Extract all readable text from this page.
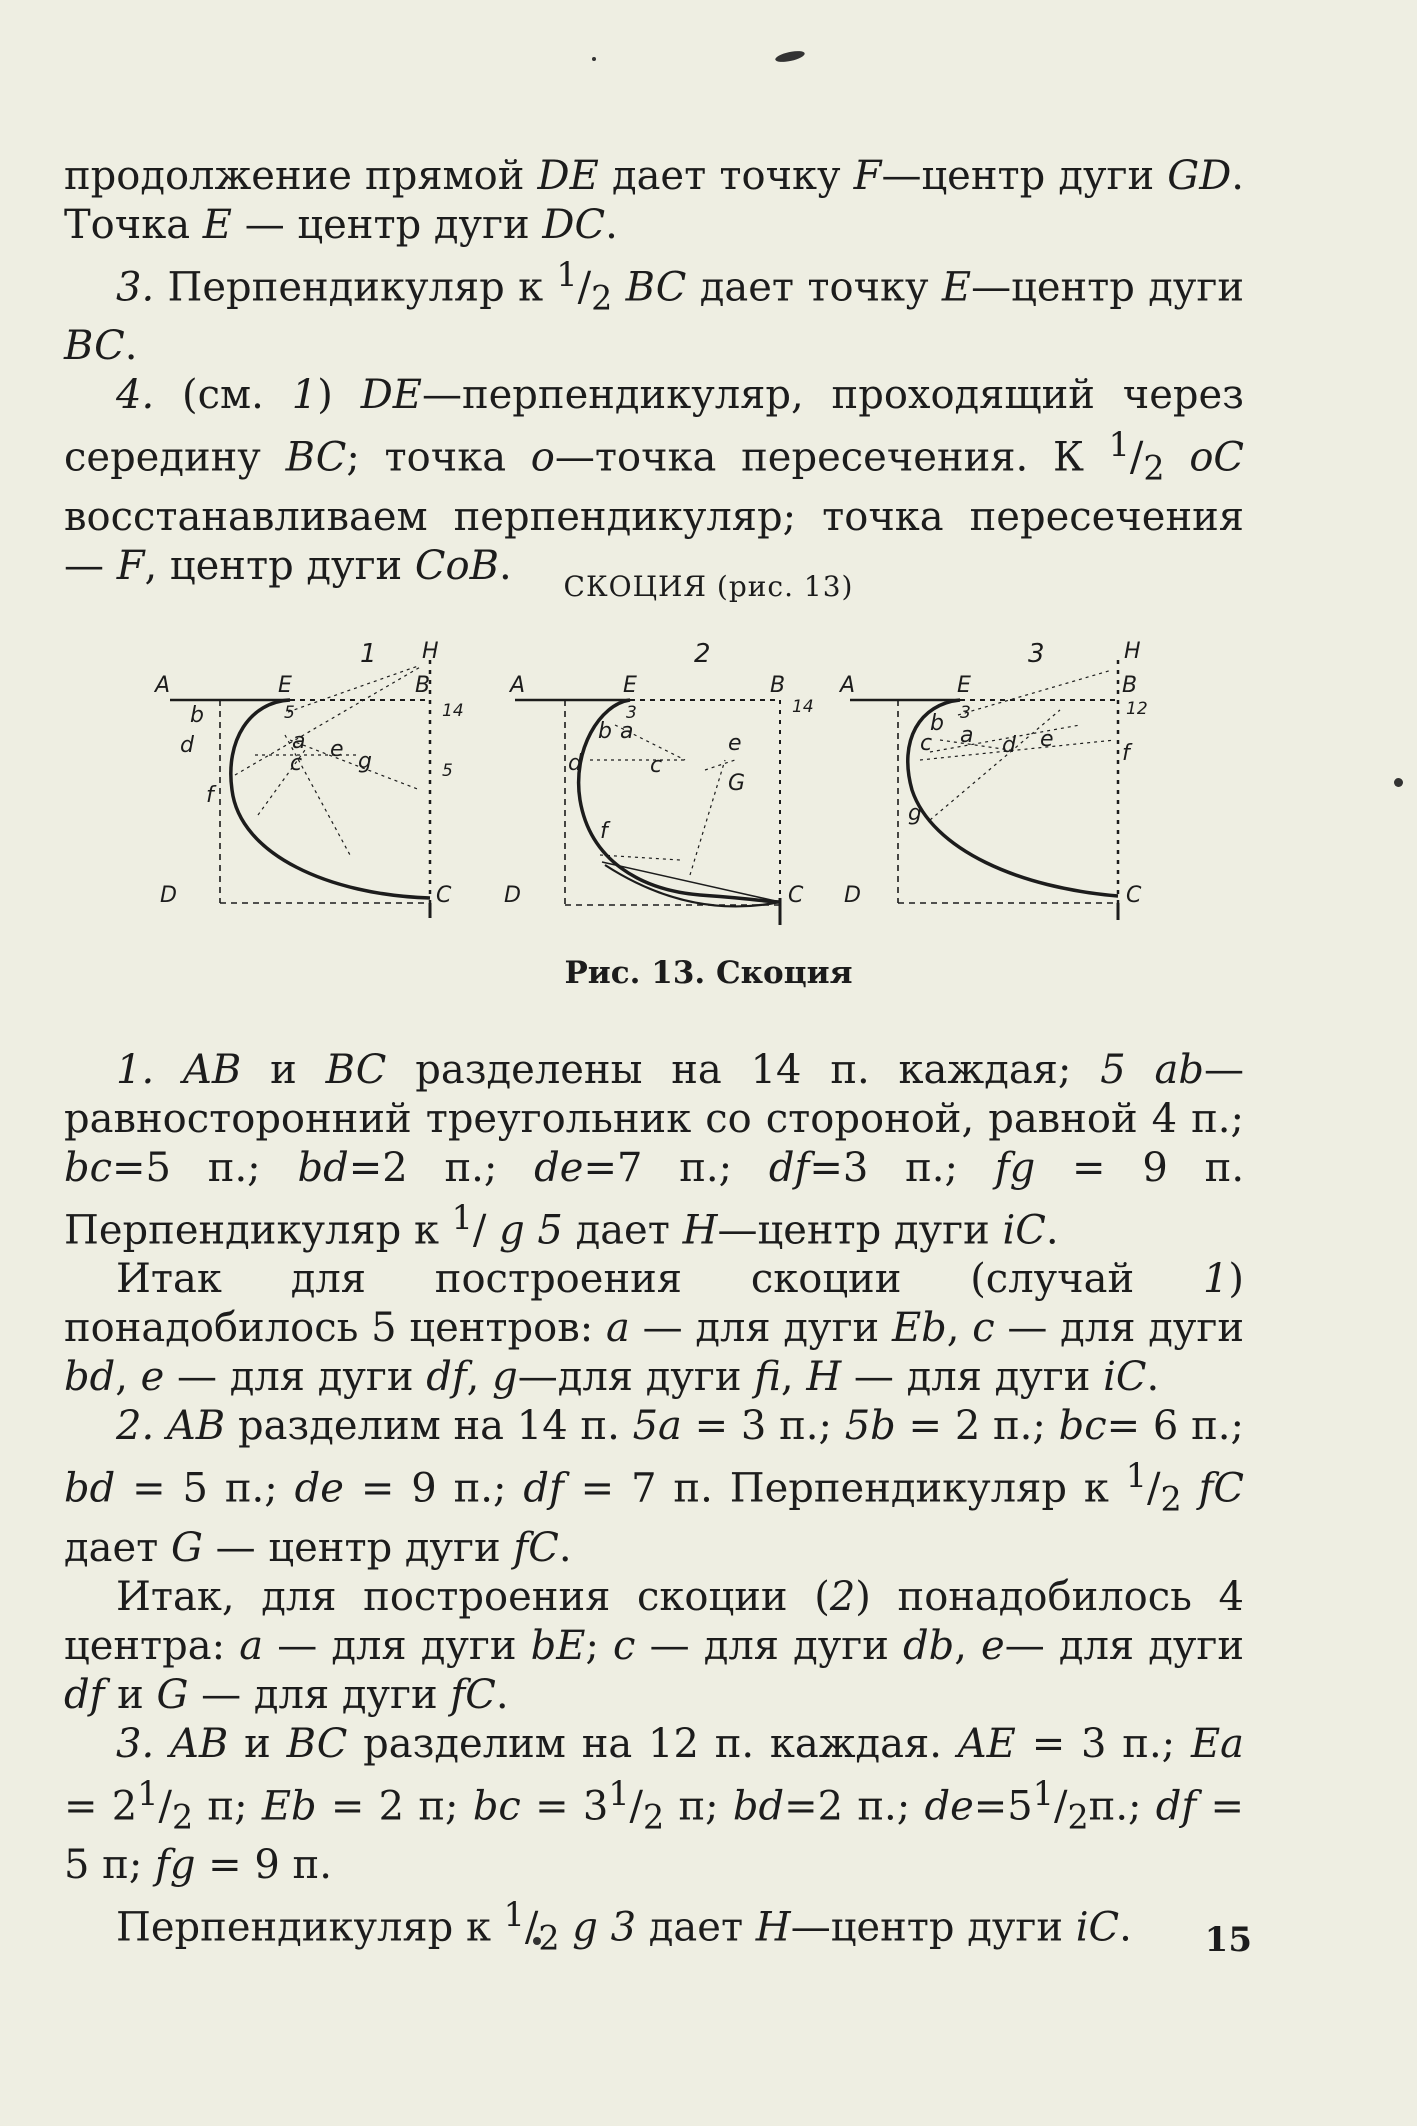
продолжение прямой DE дает точку F—центр дуги GD. Точка E — центр дуги DC.

3. Перпендикуляр к $^1/_2$ BC дает точку E—центр дуги BC.

4. (см. 1) DE—перпендикуляр, проходящий через середину BC; точка o—точка пересечения. К $^1/_2$ oC восстанавливаем перпендикуляр; точка пересечения — F, центр дуги CoB.	СКОЦИЯ (рис. 13)
1
A	E	B
14
D	C
5
b
d	a
c
e g
f
5
H	2
A	E	B
14
D	C
3
b a
d	c
e
G
f
3
A	E	B
H
12
D	C
3
b a
c	d e
g
f
Рис. 13. Скоция

1. AB и BC разделены на 14 п. каждая; 5 ab— равносторонний треугольник со стороной, равной 4 п.; bc=5 п.; bd=2 п.; de=7 п.; df=3 п.; fg = 9 п. Перпендикуляр к $^1$/ g 5 дает H—центр дуги iC.

Итак для построения скоции (случай 1) понадобилось 5 центров: a — для дуги Eb, c — для дуги bd, e — для дуги df, g—для дуги fi, H — для дуги iC.

2. AB разделим на 14 п. 5a = 3 п.; 5b = 2 п.; bc= 6 п.; bd = 5 п.; de = 9 п.; df = 7 п. Перпендикуляр к $^1/_2$ fC дает G — центр дуги fC.

Итак, для построения скоции (2) понадобилось 4 центра: a — для дуги bE; c — для дуги db, e— для дуги df и G — для дуги fC.

3. AB и BC разделим на 12 п. каждая. AE = 3 п.; $Ea = 2^1/_2$ п; Eb = 2 п; bc = $3^1/_2$ п; bd=2 п.; $de=5^1/_2п$.; df = 5 п; fg = 9 п.

Перпендикуляр к $^1/_2$ g 3 дает H—центр дуги iC.	15
